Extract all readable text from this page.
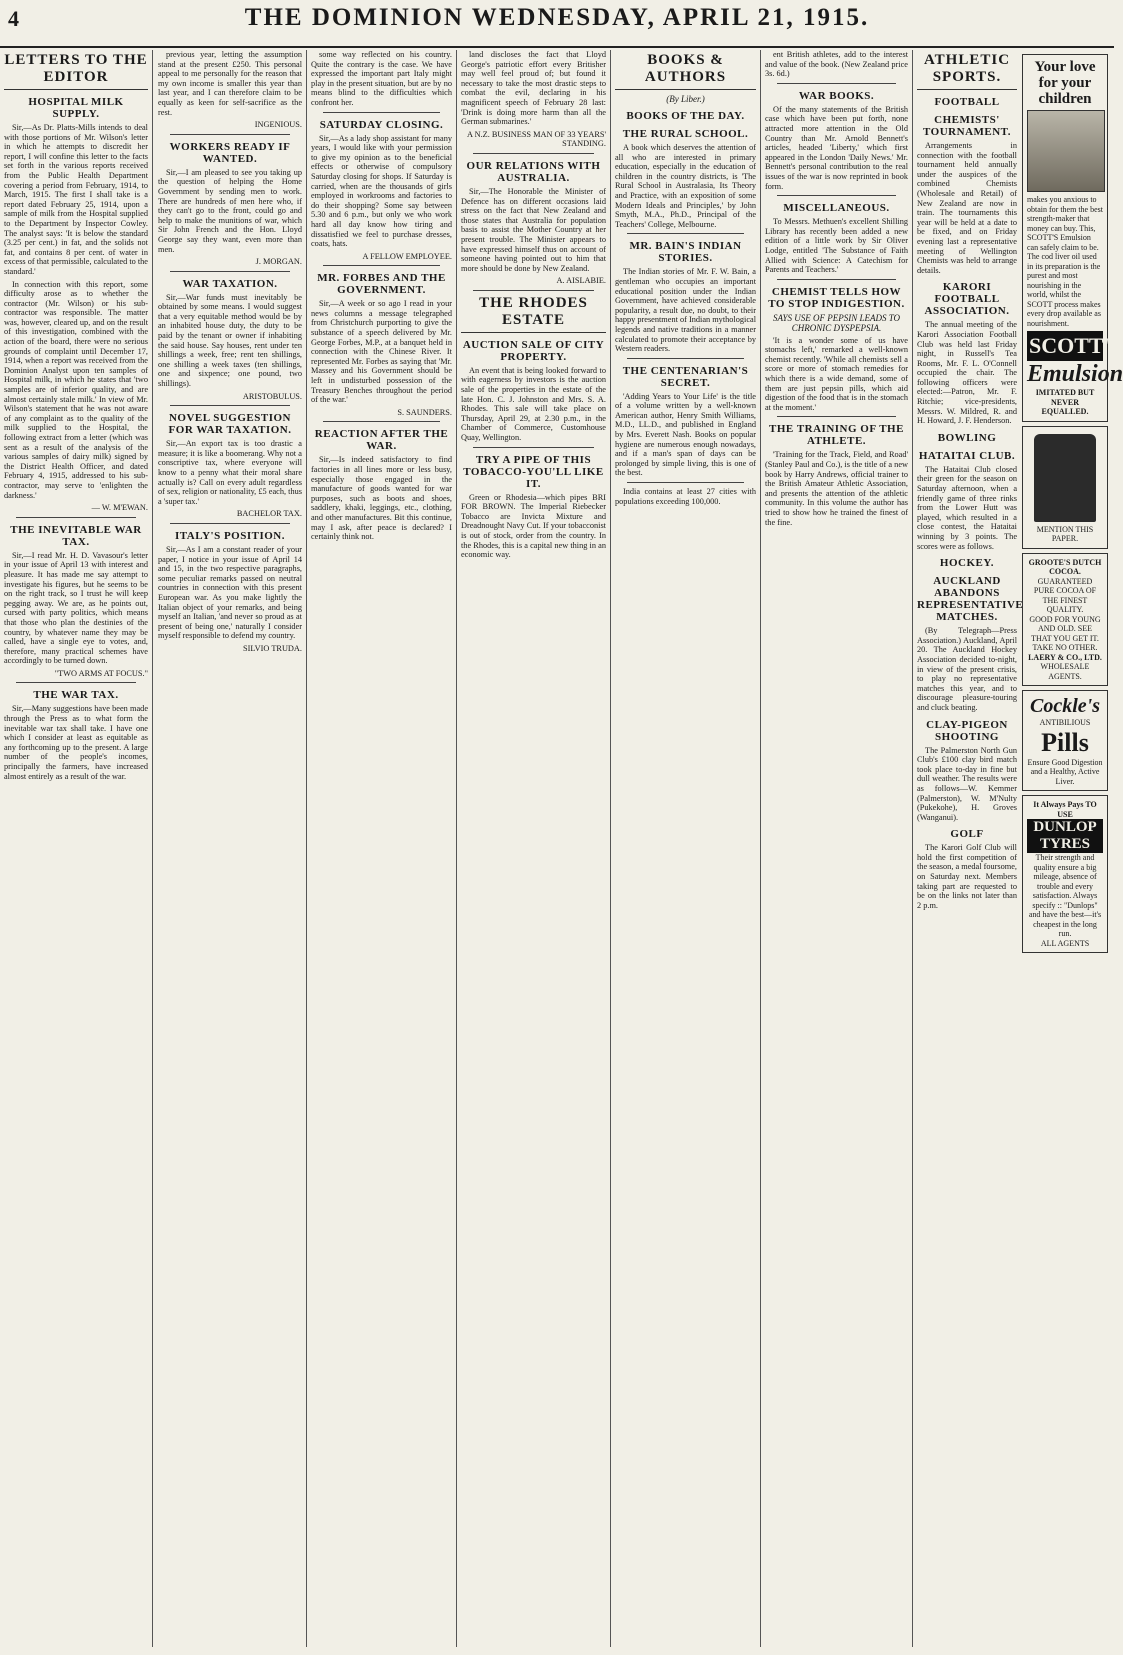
4	THE DOMINION WEDNESDAY, APRIL 21, 1915.
LETTERS TO THE EDITOR
HOSPITAL MILK SUPPLY.

Sir,—As Dr. Platts-Mills intends to deal with those portions of Mr. Wilson's letter in which he attempts to discredit her report, I will confine this letter to the facts set forth in the various reports received from the Public Health Department covering a period from February, 1914, to March, 1915. The first I shall take is a report dated February 25, 1914, upon a sample of milk from the Hospital supplied to the Department by Inspector Cowley. The analyst says: 'It is below the standard (3.25 per cent.) in fat, and the solids not fat, and contains 8 per cent. of water in excess of that permissible, calculated to the standard.'

In connection with this report, some difficulty arose as to whether the contractor (Mr. Wilson) or his sub-contractor was responsible. The matter was, however, cleared up, and on the result of this investigation, combined with the action of the board, there were no serious grounds of complaint until December 17, 1914, when a report was received from the Dominion Analyst upon ten samples of Hospital milk, in which he states that 'two samples are of inferior quality, and are almost certainly stale milk.' In view of Mr. Wilson's statement that he was not aware of any complaint as to the quality of the milk supplied to the Hospital, the following extract from a letter (which was sent as a result of the analysis of the various samples of dairy milk) signed by the District Health Officer, and dated February 4, 1915, addressed to his sub-contractor, may serve to 'enlighten the darkness.'

— W. M'EWAN.

THE INEVITABLE WAR TAX.

Sir,—I read Mr. H. D. Vavasour's letter in your issue of April 13 with interest and pleasure. It has made me say attempt to investigate his figures, but he seems to be on the right track, so I trust he will keep pegging away. We are, as he points out, cursed with party politics, which means that those who plan the destinies of the country, by whatever name they may be called, have a single eye to votes, and, therefore, many practical schemes have accordingly to be turned down.

"TWO ARMS AT FOCUS."

THE WAR TAX.

Sir,—Many suggestions have been made through the Press as to what form the inevitable war tax shall take. I have one which I consider at least as equitable as any forthcoming up to the present. A large number of the people's incomes, principally the farmers, have increased almost entirely as a result of the war.

previous year, letting the assumption stand at the present £250. This personal appeal to me personally for the reason that my own income is smaller this year than last year, and I can therefore claim to be equally as keen for self-sacrifice as the rest.

INGENIOUS.

WORKERS READY IF WANTED.

Sir,—I am pleased to see you taking up the question of helping the Home Government by sending men to work. There are hundreds of men here who, if they can't go to the front, could go and help to make the munitions of war, which Sir John French and the Hon. Lloyd George say they want, even more than men.

J. MORGAN.

WAR TAXATION.

Sir,—War funds must inevitably be obtained by some means. I would suggest that a very equitable method would be by an inhabited house duty, the duty to be paid by the tenant or owner if inhabiting the said house. Say houses, rent under ten shillings a week, free; rent ten shillings, one shilling a week taxes (ten shillings, one and sixpence; one pound, two shillings).

ARISTOBULUS.

NOVEL SUGGESTION FOR WAR TAXATION.

Sir,—An export tax is too drastic a measure; it is like a boomerang. Why not a conscriptive tax, where everyone will know to a penny what their moral share actually is? Call on every adult regardless of sex, religion or nationality, £5 each, thus a 'super tax.'

BACHELOR TAX.

ITALY'S POSITION.

Sir,—As I am a constant reader of your paper, I notice in your issue of April 14 and 15, in the two respective paragraphs, some peculiar remarks passed on neutral countries in connection with this present European war. As you make lightly the Italian object of your remarks, and being myself an Italian, 'and never so proud as at present of being one,' naturally I consider myself responsible to defend my country.

SILVIO TRUDA.

some way reflected on his country. Quite the contrary is the case. We have expressed the important part Italy might play in the present situation, but are by no means blind to the difficulties which confront her.

SATURDAY CLOSING.

Sir,—As a lady shop assistant for many years, I would like with your permission to give my opinion as to the beneficial effects or otherwise of compulsory Saturday closing for shops. If Saturday is carried, when are the thousands of girls employed in workrooms and factories to do their shopping? Some say between 5.30 and 6 p.m., but only we who work hard all day know how tiring and dissatisfied we feel to purchase dresses, coats, hats.

A FELLOW EMPLOYEE.

MR. FORBES AND THE GOVERNMENT.

Sir,—A week or so ago I read in your news columns a message telegraphed from Christchurch purporting to give the substance of a speech delivered by Mr. George Forbes, M.P., at a banquet held in connection with the Chinese River. It represented Mr. Forbes as saying that 'Mr. Massey and his Government should be left in undisturbed possession of the Treasury Benches throughout the period of the war.'

S. SAUNDERS.

REACTION AFTER THE WAR.

Sir,—Is indeed satisfactory to find factories in all lines more or less busy, especially those engaged in the manufacture of goods wanted for war purposes, such as boots and shoes, saddlery, khaki, leggings, etc., clothing, and other manufactures. Bit this continue, may I ask, after peace is declared? I certainly think not.

land discloses the fact that Lloyd George's patriotic effort every Britisher may well feel proud of; but found it necessary to take the most drastic steps to combat the evil, declaring in his magnificent speech of February 28 last: 'Drink is doing more harm than all the German submarines.'

A N.Z. BUSINESS MAN OF 33 YEARS' STANDING.

OUR RELATIONS WITH AUSTRALIA.

Sir,—The Honorable the Minister of Defence has on different occasions laid stress on the fact that New Zealand and those states that Australia for population basis to assist the Mother Country at her present trouble. The Minister appears to have expressed himself thus on account of someone having pointed out to him that more should be done by New Zealand.

A. AISLABIE.

THE RHODES ESTATE
AUCTION SALE OF CITY PROPERTY.

An event that is being looked forward to with eagerness by investors is the auction sale of the properties in the estate of the late Hon. C. J. Johnston and Mrs. S. A. Rhodes. This sale will take place on Thursday, April 29, at 2.30 p.m., in the Chamber of Commerce, Customhouse Quay, Wellington.

TRY A PIPE OF THIS TOBACCO-YOU'LL LIKE IT.

Green or Rhodesia—which pipes BRI FOR BROWN. The Imperial Riebecker Tobacco are Invicta Mixture and Dreadnought Navy Cut. If your tobacconist is out of stock, order from the country. In the Rhodes, this is a capital new thing in an economic way.

BOOKS & AUTHORS
(By Liber.)
BOOKS OF THE DAY.
THE RURAL SCHOOL.

A book which deserves the attention of all who are interested in primary education, especially in the education of children in the country districts, is 'The Rural School in Australasia, Its Theory and Practice, with an exposition of some Modern Ideals and Principles,' by John Smyth, M.A., Ph.D., Principal of the Teachers' College, Melbourne.

MR. BAIN'S INDIAN STORIES.

The Indian stories of Mr. F. W. Bain, a gentleman who occupies an important educational position under the Indian Government, have achieved considerable popularity, a result due, no doubt, to their happy presentment of Indian mythological legends and native traditions in a manner calculated to promote their acceptance by Western readers.

THE CENTENARIAN'S SECRET.

'Adding Years to Your Life' is the title of a volume written by a well-known American author, Henry Smith Williams, M.D., LL.D., and published in England by Mrs. Everett Nash. Books on popular hygiene are numerous enough nowadays, and if a man's span of days can be prolonged by simple living, this is one of the best.

India contains at least 27 cities with populations exceeding 100,000.

ent British athletes, add to the interest and value of the book. (New Zealand price 3s. 6d.)

WAR BOOKS.

Of the many statements of the British case which have been put forth, none attracted more attention in the Old Country than Mr. Arnold Bennett's articles, headed 'Liberty,' which first appeared in the London 'Daily News.' Mr. Bennett's personal contribution to the real issues of the war is now reprinted in book form.

MISCELLANEOUS.

To Messrs. Methuen's excellent Shilling Library has recently been added a new edition of a little work by Sir Oliver Lodge, entitled 'The Substance of Faith Allied with Science: A Catechism for Parents and Teachers.'

CHEMIST TELLS HOW TO STOP INDIGESTION.
SAYS USE OF PEPSIN LEADS TO CHRONIC DYSPEPSIA.

'It is a wonder some of us have stomachs left,' remarked a well-known chemist recently. 'While all chemists sell a score or more of stomach remedies for which there is a wide demand, some of them are just pepsin pills, which aid digestion of the food that is in the stomach at the moment.'

THE TRAINING OF THE ATHLETE.

'Training for the Track, Field, and Road' (Stanley Paul and Co.), is the title of a new book by Harry Andrews, official trainer to the British Amateur Athletic Association, and presents the attention of the athletic community. In this volume the author has tried to show how he trained the finest of the fine.

ATHLETIC SPORTS.
FOOTBALL
CHEMISTS' TOURNAMENT.

Arrangements in connection with the football tournament held annually under the auspices of the combined Chemists (Wholesale and Retail) of New Zealand are now in train. The tournaments this year will be held at a date to be fixed, and on Friday evening last a representative meeting of Wellington Chemists was held to arrange details.

KARORI FOOTBALL ASSOCIATION.

The annual meeting of the Karori Association Football Club was held last Friday night, in Russell's Tea Rooms, Mr. F. L. O'Connell occupied the chair. The following officers were elected:—Patron, Mr. F. Ritchie; vice-presidents, Messrs. W. Mildred, R. and H. Howard, J. F. Henderson.

BOWLING
HATAITAI CLUB.

The Hataitai Club closed their green for the season on Saturday afternoon, when a friendly game of three rinks from the Lower Hutt was played, which resulted in a close contest, the Hataitai winning by 3 points. The scores were as follows.

HOCKEY.
AUCKLAND ABANDONS REPRESENTATIVE MATCHES.

(By Telegraph—Press Association.) Auckland, April 20. The Auckland Hockey Association decided to-night, in view of the present crisis, to play no representative matches this year, and to discourage pleasure-touring and cluck beating.

CLAY-PIGEON SHOOTING

The Palmerston North Gun Club's £100 clay bird match took place to-day in fine but dull weather. The results were as follows—W. Kemmer (Palmerston), W. M'Nulty (Pukekohe), H. Groves (Wanganui).

GOLF

The Karori Golf Club will hold the first competition of the season, a medal foursome, on Saturday next. Members taking part are requested to be on the links not later than 2 p.m.

Your love for your children
makes you anxious to obtain for them the best strength-maker that money can buy. This, SCOTT'S Emulsion can safely claim to be. The cod liver oil used in its preparation is the purest and most nourishing in the world, whilst the SCOTT process makes every drop available as nourishment.
SCOTT'S
Emulsion
IMITATED BUT NEVER EQUALLED.
MENTION THIS PAPER.
GROOTE'S DUTCH COCOA.
GUARANTEED PURE COCOA OF THE FINEST QUALITY.
GOOD FOR YOUNG AND OLD. SEE THAT YOU GET IT. TAKE NO OTHER.
LAERY & CO., LTD.
WHOLESALE AGENTS.
Cockle's
ANTIBILIOUS
Pills
Ensure Good Digestion and a Healthy, Active Liver.
It Always Pays TO USE
DUNLOP TYRES
Their strength and quality ensure a big mileage, absence of trouble and every satisfaction. Always specify :: "Dunlops" and have the best—it's cheapest in the long run.
ALL AGENTS
